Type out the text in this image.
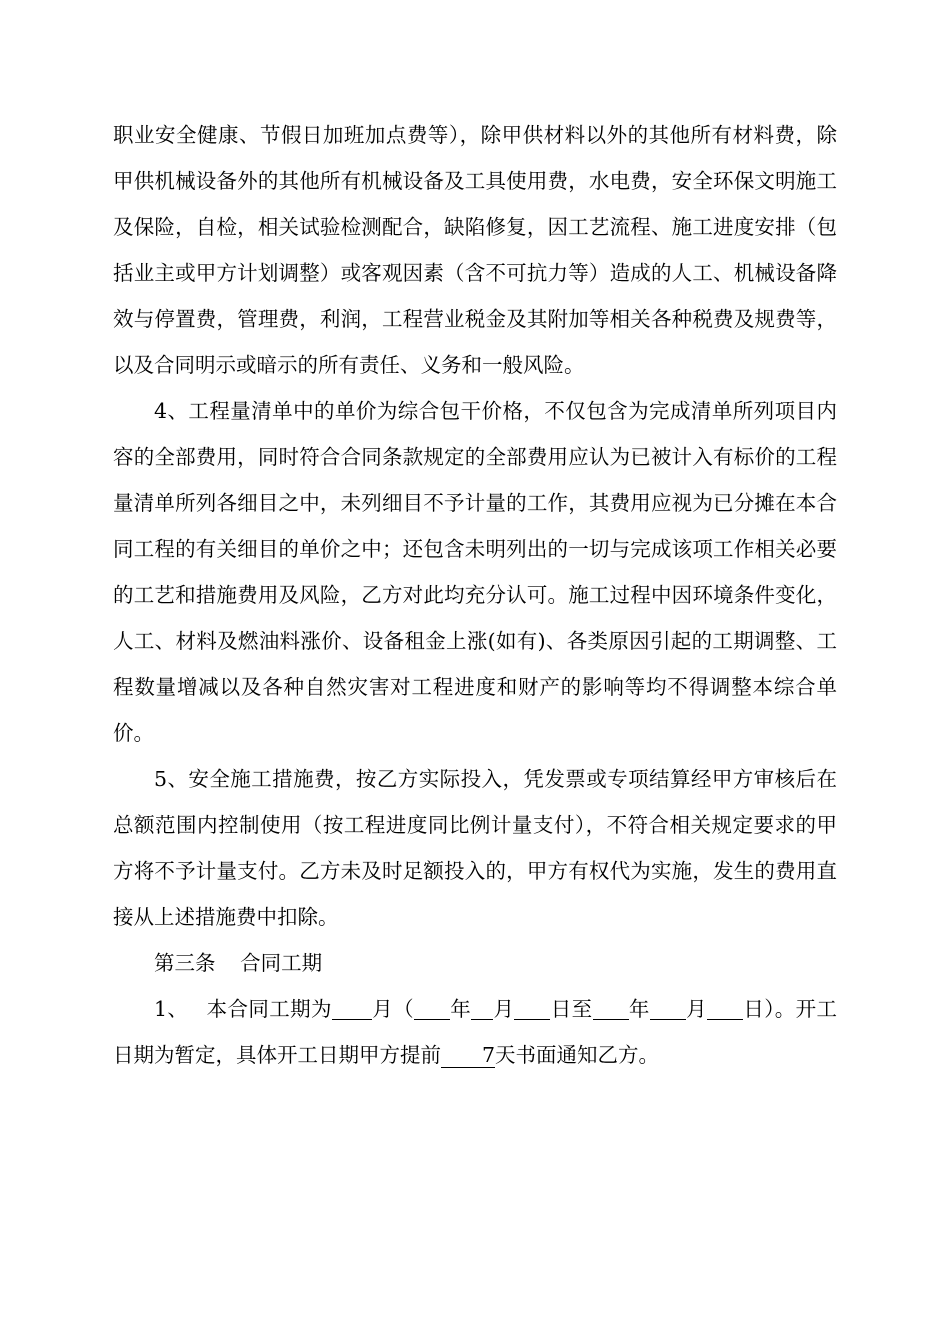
职业安全健康、节假日加班加点费等），除甲供材料以外的其他所有材料费，除甲供机械设备外的其他所有机械设备及工具使用费，水电费，安全环保文明施工及保险，自检，相关试验检测配合，缺陷修复，因工艺流程、施工进度安排（包括业主或甲方计划调整）或客观因素（含不可抗力等）造成的人工、机械设备降效与停置费，管理费，利润，工程营业税金及其附加等相关各种税费及规费等，以及合同明示或暗示的所有责任、义务和一般风险。

4、工程量清单中的单价为综合包干价格，不仅包含为完成清单所列项目内容的全部费用，同时符合合同条款规定的全部费用应认为已被计入有标价的工程量清单所列各细目之中，未列细目不予计量的工作，其费用应视为已分摊在本合同工程的有关细目的单价之中；还包含未明列出的一切与完成该项工作相关必要的工艺和措施费用及风险，乙方对此均充分认可。施工过程中因环境条件变化，人工、材料及燃油料涨价、设备租金上涨(如有)、各类原因引起的工期调整、工程数量增减以及各种自然灾害对工程进度和财产的影响等均不得调整本综合单价。

5、安全施工措施费，按乙方实际投入，凭发票或专项结算经甲方审核后在总额范围内控制使用（按工程进度同比例计量支付），不符合相关规定要求的甲方将不予计量支付。乙方未及时足额投入的，甲方有权代为实施，发生的费用直接从上述措施费中扣除。

第三条 合同工期

1、 本合同工期为 月（ 年 月 日至 年 月 日）。开工日期为暂定，具体开工日期甲方提前 7天书面通知乙方。
